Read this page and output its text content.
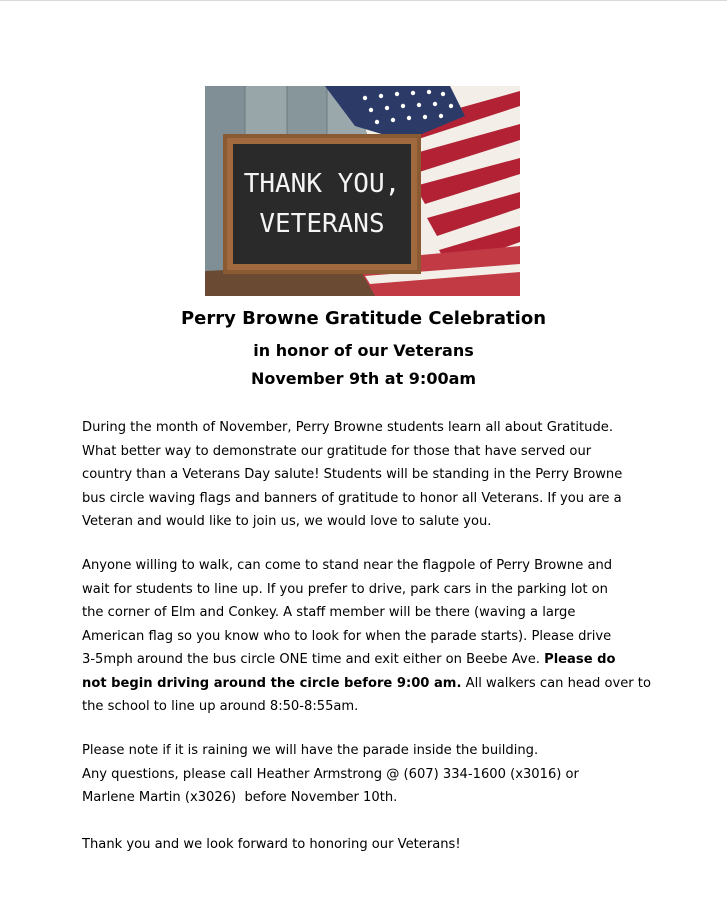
THANK YOU,
VETERANS
Perry Browne Gratitude Celebration
in honor of our Veterans
November 9th at 9:00am
During the month of November, Perry Browne students learn all about Gratitude.
What better way to demonstrate our gratitude for those that have served our
country than a Veterans Day salute! Students will be standing in the Perry Browne
bus circle waving flags and banners of gratitude to honor all Veterans. If you are a
Veteran and would like to join us, we would love to salute you.
Anyone willing to walk, can come to stand near the flagpole of Perry Browne and
wait for students to line up. If you prefer to drive, park cars in the parking lot on
the corner of Elm and Conkey. A staff member will be there (waving a large
American flag so you know who to look for when the parade starts). Please drive
3-5mph around the bus circle ONE time and exit either on Beebe Ave. Please do
not begin driving around the circle before 9:00 am. All walkers can head over to
the school to line up around 8:50-8:55am.
Please note if it is raining we will have the parade inside the building.
Any questions, please call Heather Armstrong @ (607) 334-1600 (x3016) or
Marlene Martin (x3026)  before November 10th.
Thank you and we look forward to honoring our Veterans!
